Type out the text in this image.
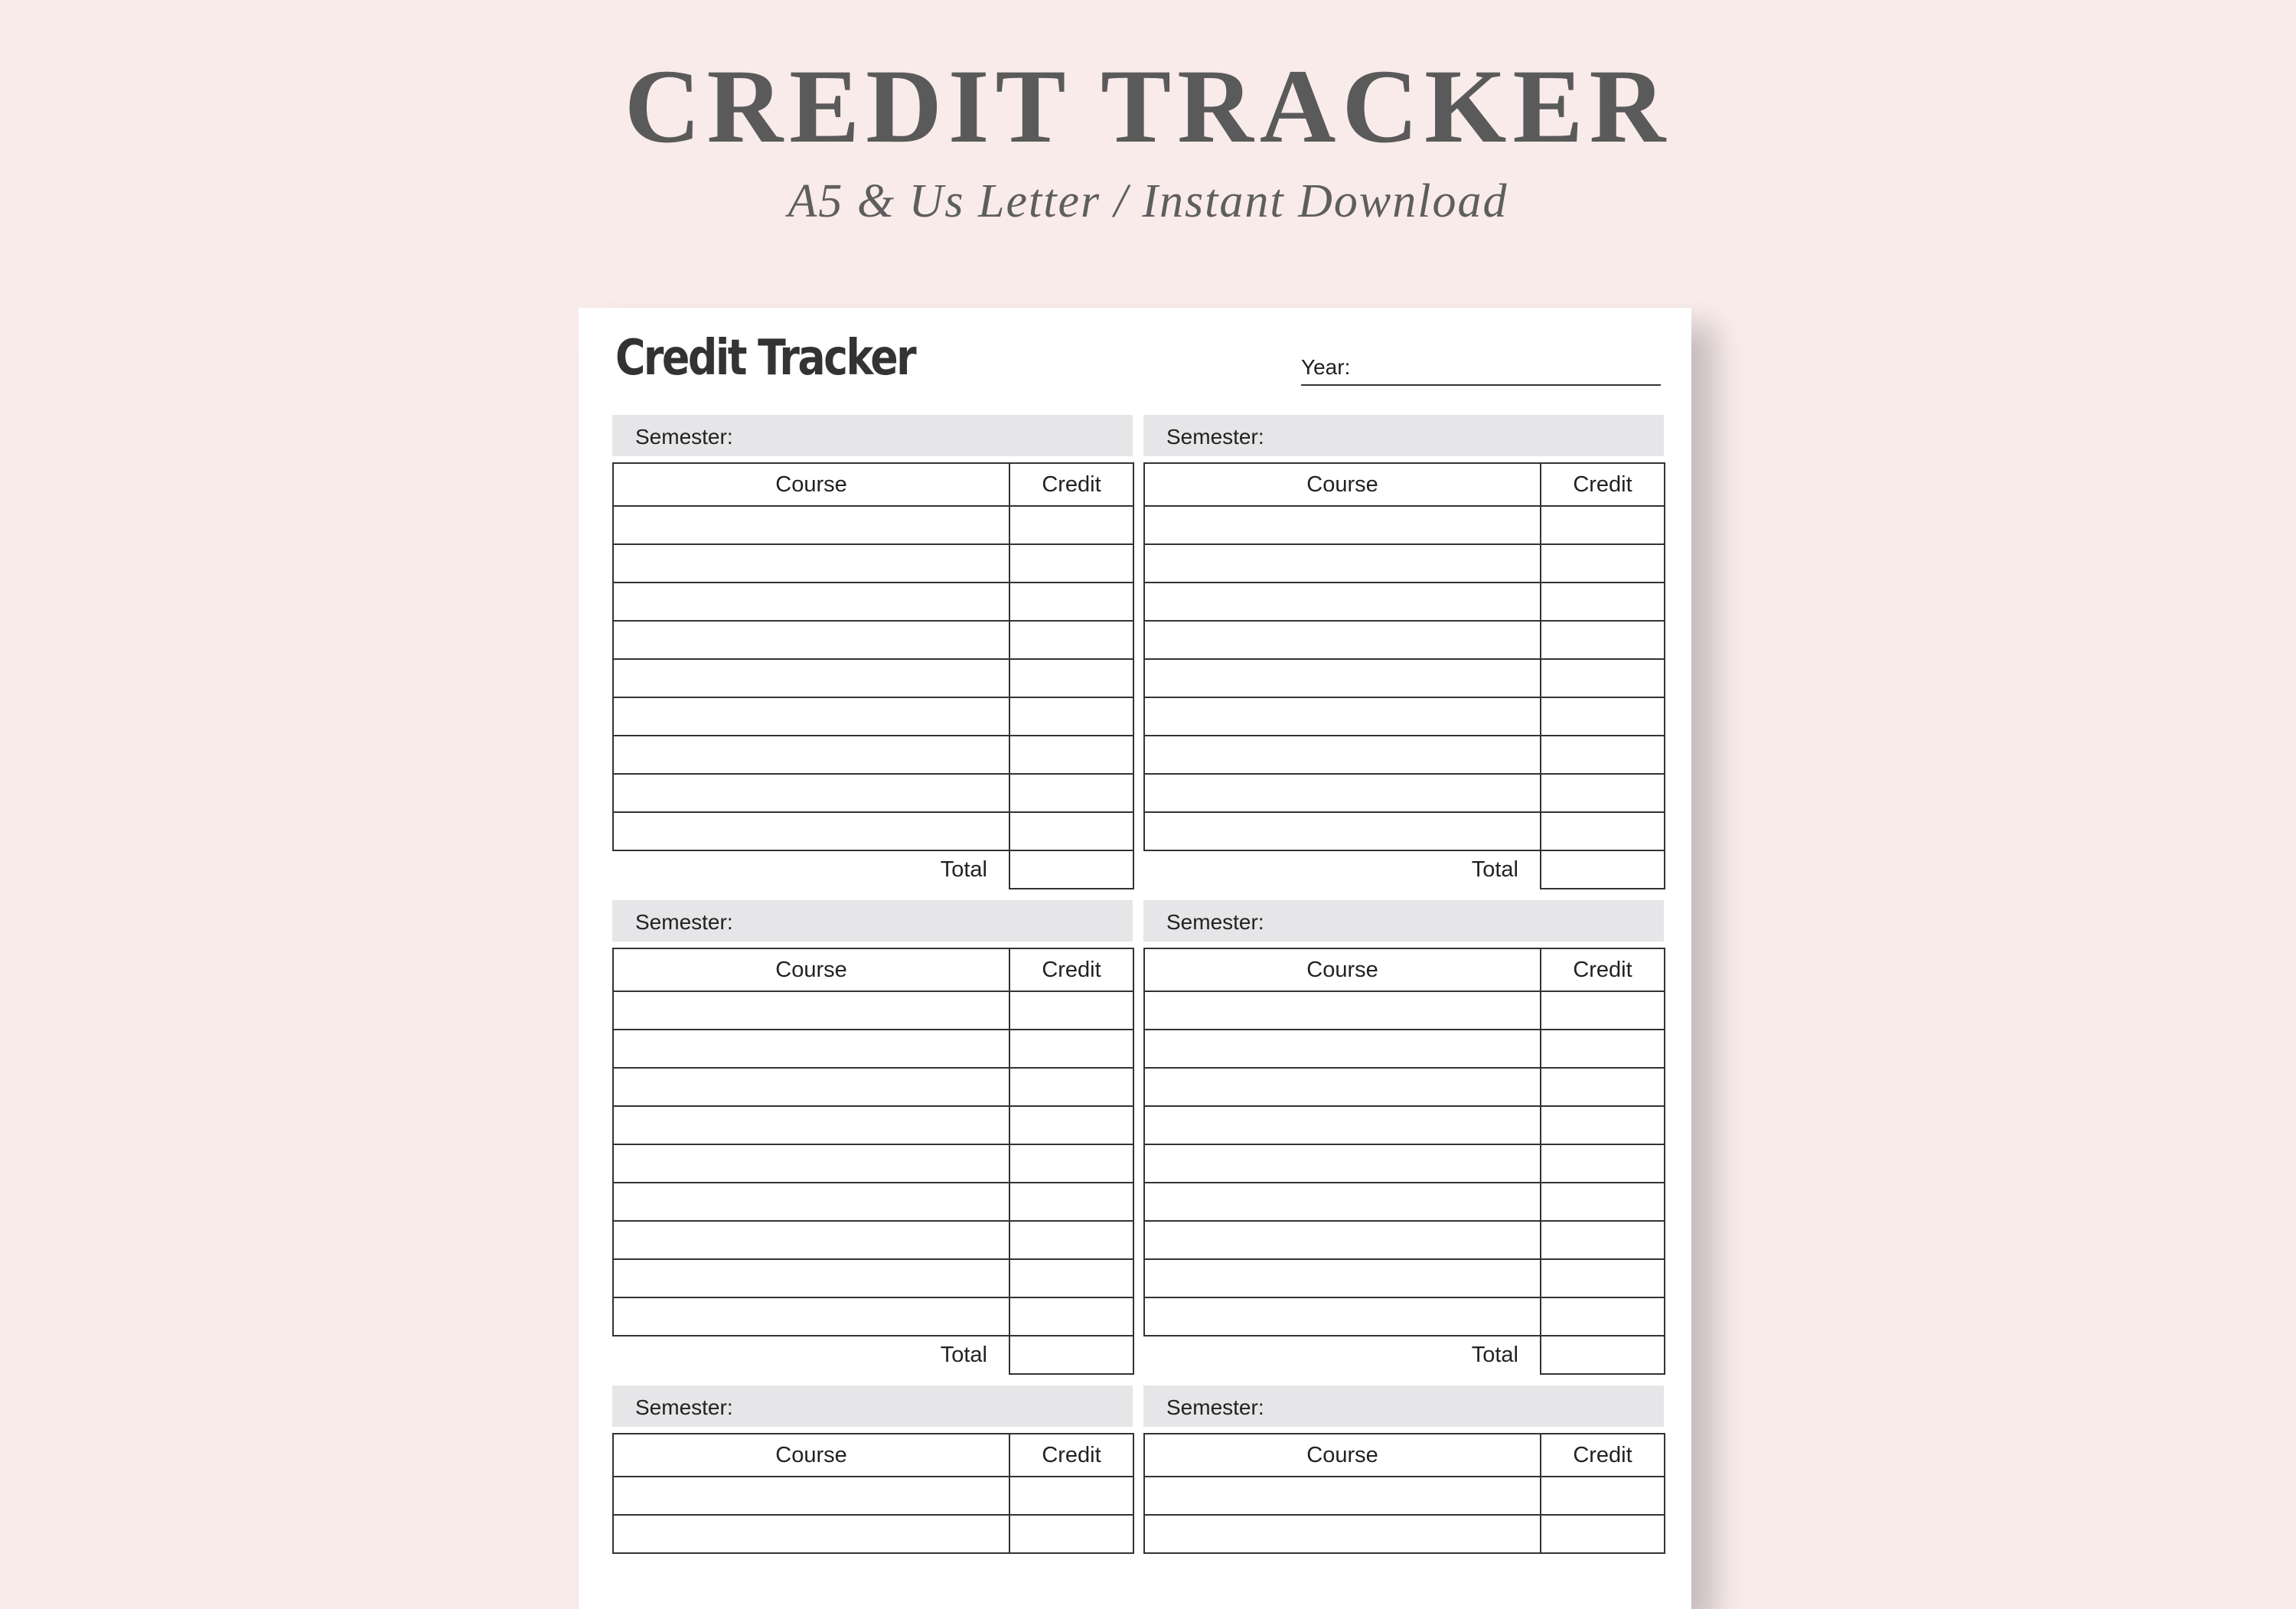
CREDIT TRACKER
A5 & Us Letter / Instant Download
Credit Tracker	Year:
Semester:
Course	Credit

Total	
Semester:
Course	Credit

Total	
Semester:
Course	Credit

Total	
Semester:
Course	Credit

Total	
Semester:
Course	Credit

Semester:
Course	Credit
